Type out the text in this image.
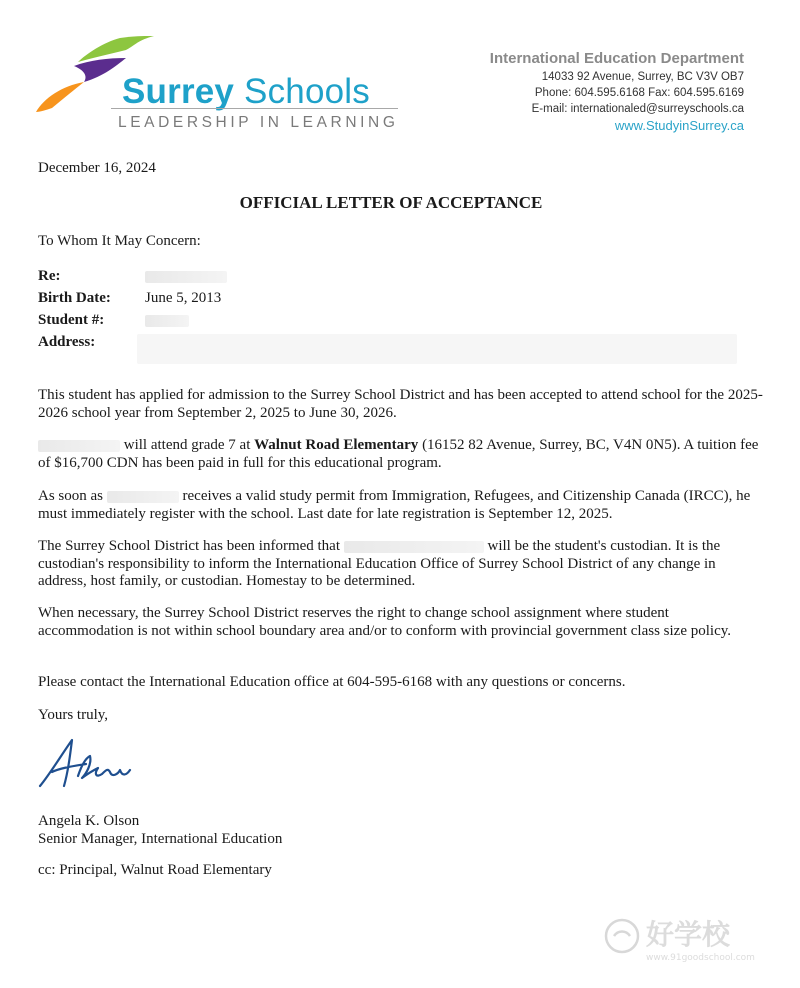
Surrey Schools
LEADERSHIP IN LEARNING
International Education Department
14033 92 Avenue, Surrey, BC V3V OB7
Phone: 604.595.6168 Fax: 604.595.6169
E-mail: internationaled@surreyschools.ca
www.StudyinSurrey.ca
December 16, 2024
OFFICIAL LETTER OF ACCEPTANCE
To Whom It May Concern:
Re:
Birth Date:	June 5, 2013
Student #:
Address:
This student has applied for admission to the Surrey School District and has been accepted to attend school for the 2025-2026 school year from September 2, 2025 to June 30, 2026.
will attend grade 7 at Walnut Road Elementary (16152 82 Avenue, Surrey, BC, V4N 0N5). A tuition fee of $16,700 CDN has been paid in full for this educational program.
As soon as	receives a valid study permit from Immigration, Refugees, and Citizenship Canada (IRCC), he must immediately register with the school. Last date for late registration is September 12, 2025.
The Surrey School District has been informed that	will be the student's custodian. It is the custodian's responsibility to inform the International Education Office of Surrey School District of any change in address, host family, or custodian. Homestay to be determined.
When necessary, the Surrey School District reserves the right to change school assignment where student accommodation is not within school boundary area and/or to conform with provincial government class size policy.
Please contact the International Education office at 604-595-6168 with any questions or concerns.
Yours truly,
Angela K. Olson
Senior Manager, International Education
cc: Principal, Walnut Road Elementary
好学校
www.91goodschool.com
